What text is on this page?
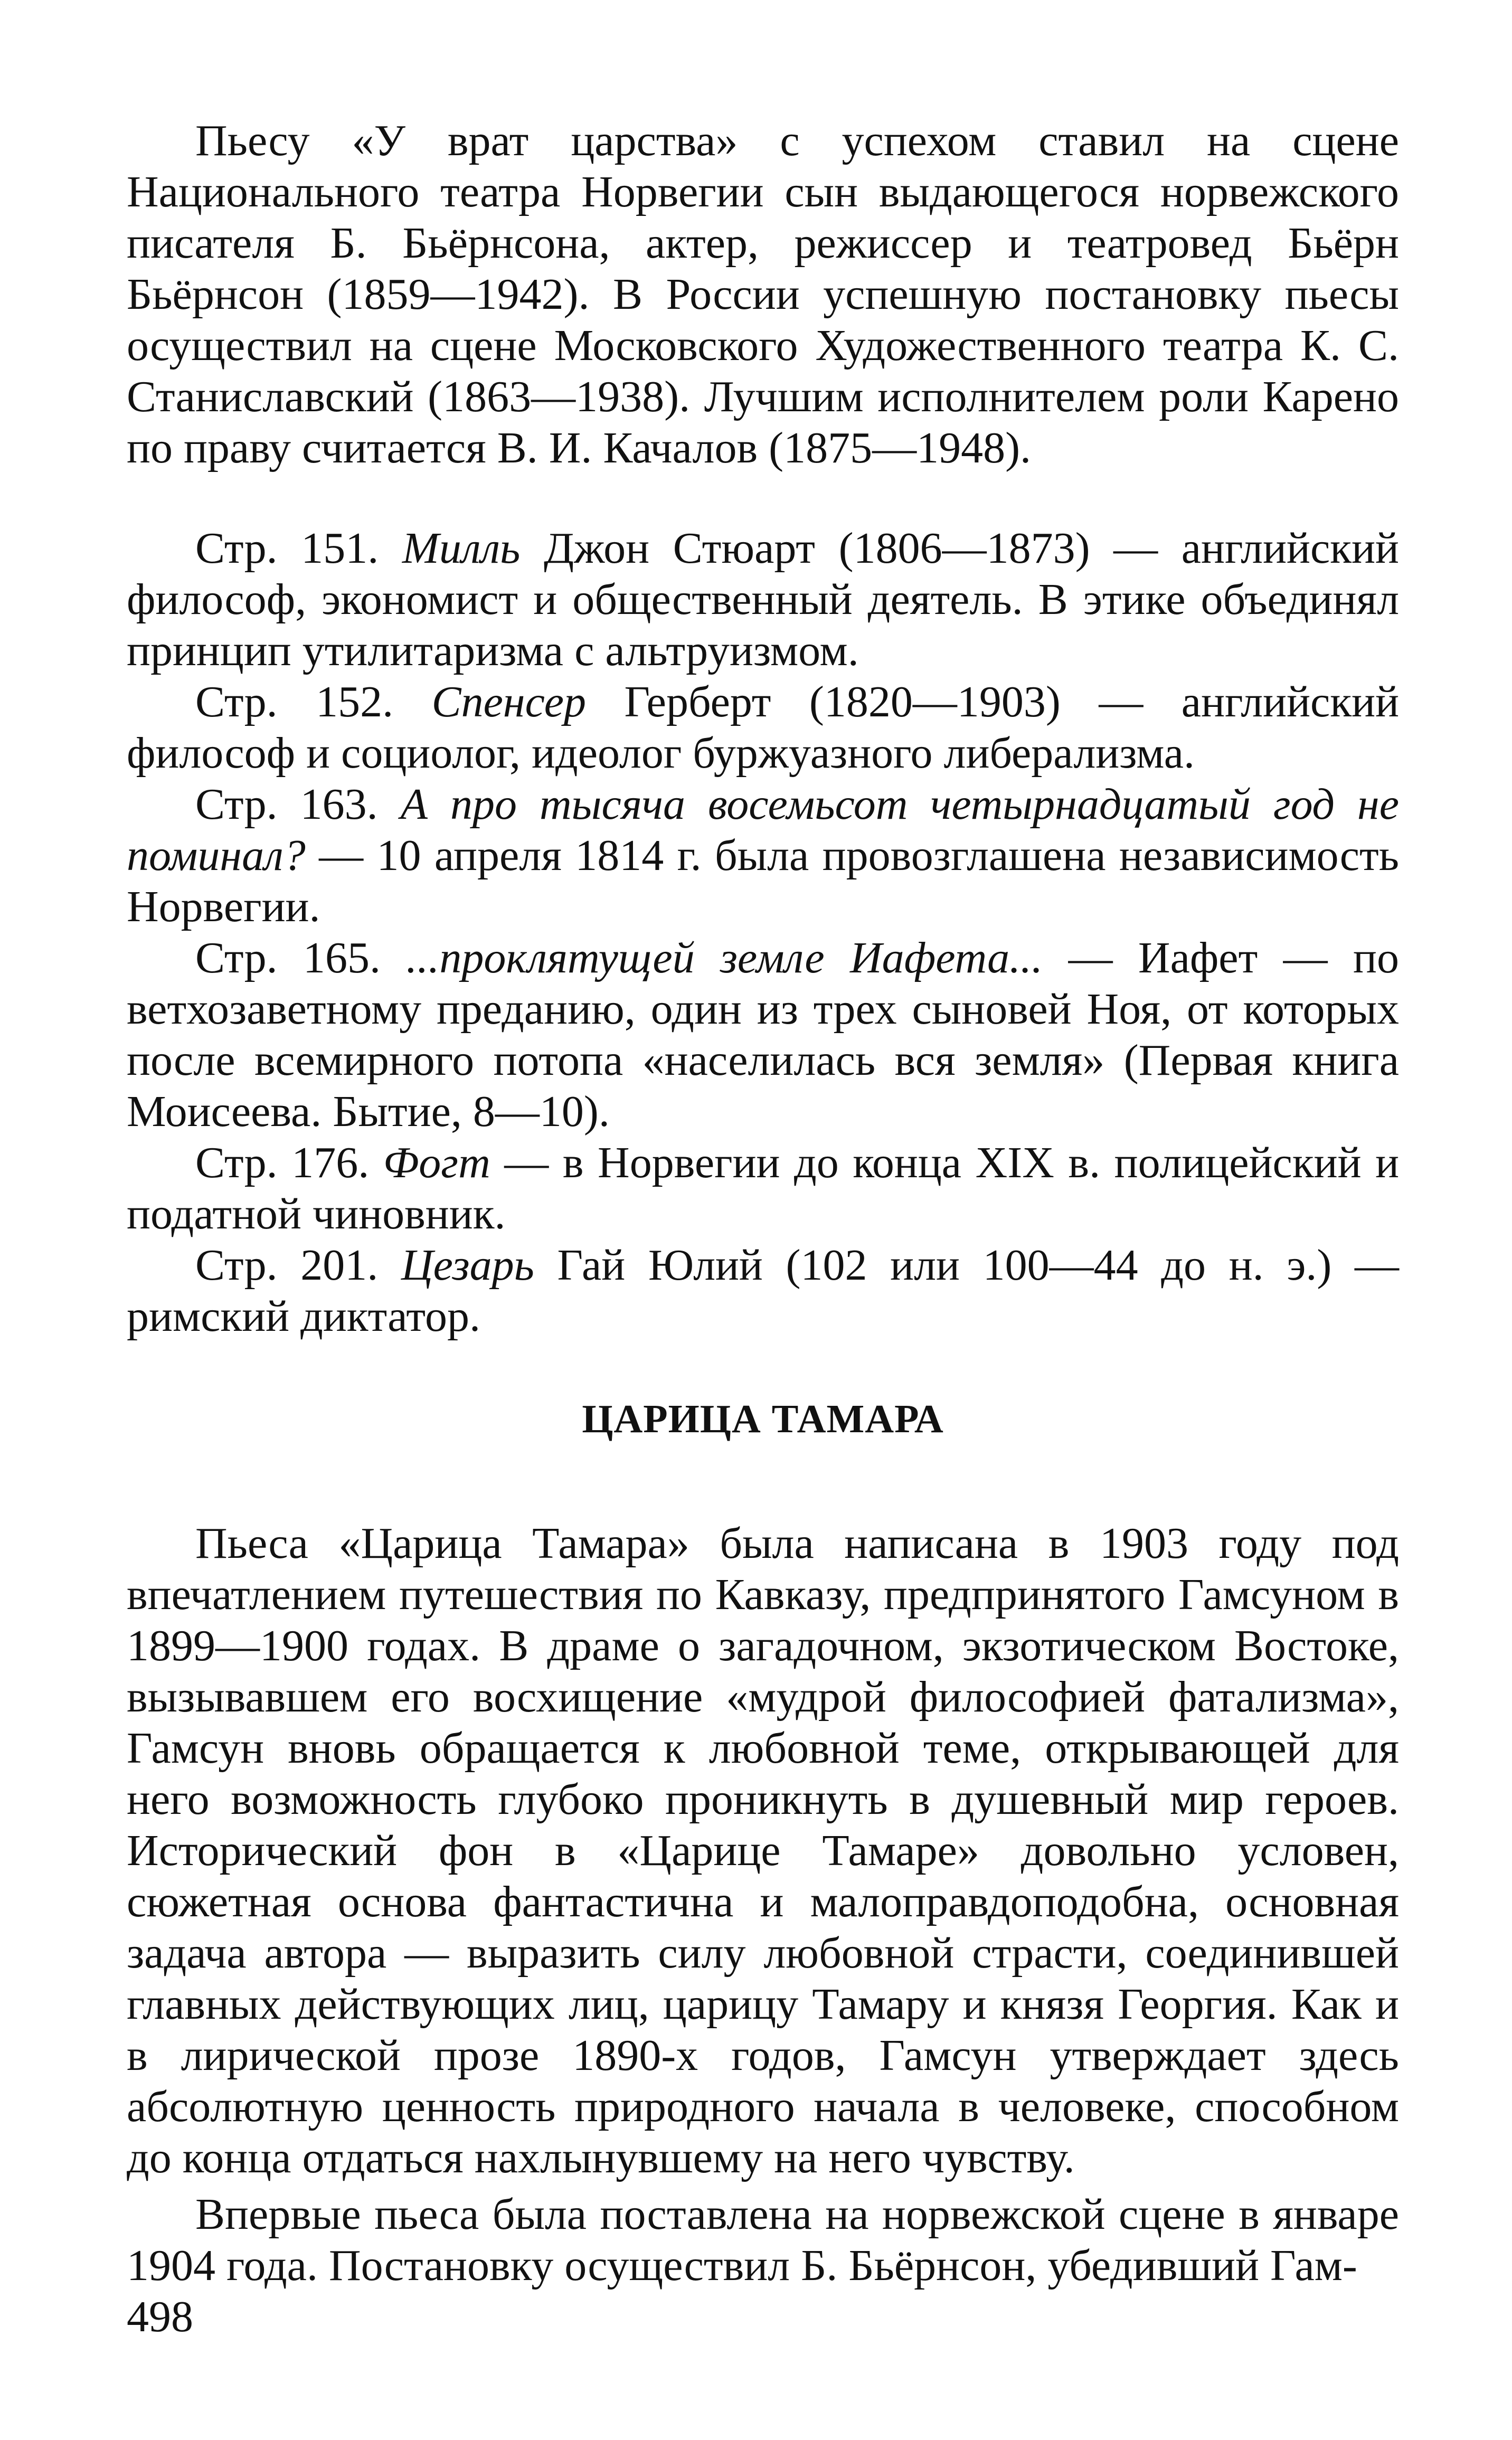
Пьесу «У врат царства» с успехом ставил на сцене Национального театра Норвегии сын выдающегося норвежского писателя Б. Бьёрнсона, актер, режиссер и театровед Бьёрн Бьёрнсон (1859—1942). В России успешную постановку пьесы осуществил на сцене Московского Художественного театра К. С. Станиславский (1863—1938). Лучшим исполнителем роли Карено по праву считается В. И. Качалов (1875—1948).

Стр. 151. Милль Джон Стюарт (1806—1873) — английский философ, экономист и общественный деятель. В этике объединял принцип утилитаризма с альтруизмом.

Стр. 152. Спенсер Герберт (1820—1903) — английский философ и социолог, идеолог буржуазного либерализма.

Стр. 163. А про тысяча восемьсот четырнадцатый год не поминал? — 10 апреля 1814 г. была провозглашена независимость Норвегии.

Стр. 165. ...проклятущей земле Иафета... — Иафет — по ветхозаветному преданию, один из трех сыновей Ноя, от которых после всемирного потопа «населилась вся земля» (Первая книга Моисеева. Бытие, 8—10).

Стр. 176. Фогт — в Норвегии до конца XIX в. полицейский и податной чиновник.

Стр. 201. Цезарь Гай Юлий (102 или 100—44 до н. э.) — римский диктатор.

ЦАРИЦА ТАМАРА

Пьеса «Царица Тамара» была написана в 1903 году под впечатлением путешествия по Кавказу, предпринятого Гамсуном в 1899—1900 годах. В драме о загадочном, экзотическом Востоке, вызывавшем его восхищение «мудрой философией фатализма», Гамсун вновь обращается к любовной теме, открывающей для него возможность глубоко проникнуть в душевный мир героев. Исторический фон в «Царице Тамаре» довольно условен, сюжетная основа фантастична и малоправдоподобна, основная задача автора — выразить силу любовной страсти, соединившей главных действующих лиц, царицу Тамару и князя Георгия. Как и в лирической прозе 1890-х годов, Гамсун утверждает здесь абсолютную ценность природного начала в человеке, способном до конца отдаться нахлынувшему на него чувству.

Впервые пьеса была поставлена на норвежской сцене в январе 1904 года. Постановку осуществил Б. Бьёрнсон, убедивший Гам-

498
